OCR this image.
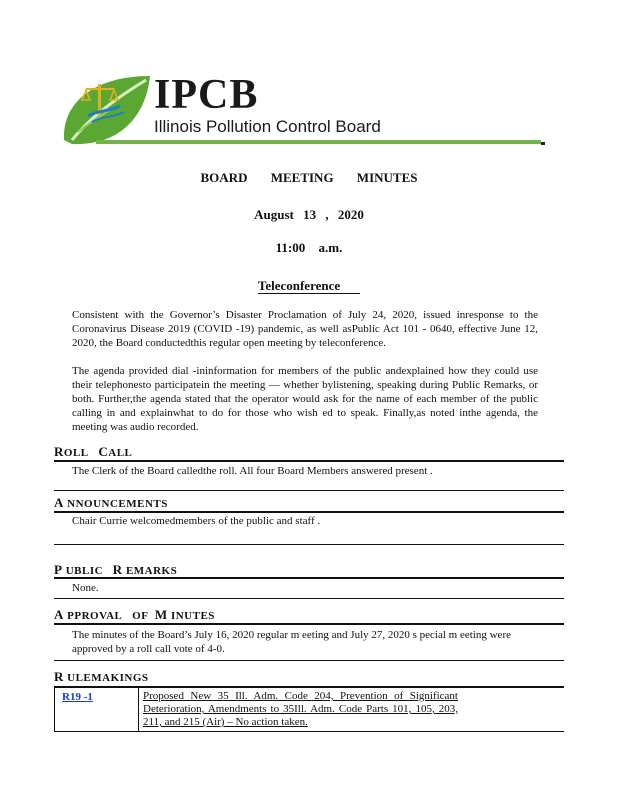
IPCB
Illinois Pollution Control Board
BOARD MEETING MINUTES
August 13 , 2020
11:00 a.m.
Teleconference
Consistent with the Governor’s Disaster Proclamation of July 24, 2020, issued inresponse to the Coronavirus Disease 2019 (COVID -19) pandemic, as well asPublic Act 101 - 0640, effective June 12, 2020, the Board conductedthis regular open meeting by teleconference.
The agenda provided dial -ininformation for members of the public andexplained how they could use their telephonesto participatein the meeting — whether bylistening, speaking during Public Remarks, or both. Further,the agenda stated that the operator would ask for the name of each member of the public calling in and explainwhat to do for those who wish ed to speak. Finally,as noted inthe agenda, the meeting was audio recorded.
ROLL CALL
The Clerk of the Board calledthe roll. All four Board Members answered present .
A NNOUNCEMENTS
Chair Currie welcomedmembers of the public and staff .
P UBLIC R EMARKS
None.
A PPROVAL OF M INUTES
The minutes of the Board’s July 16, 2020 regular m eeting and July 27, 2020 s pecial m eeting were approved by a roll call vote of 4-0.
R ULEMAKINGS
R19 -1	Proposed New 35 Ill. Adm. Code 204, Prevention of Significant Deterioration, Amendments to 35Ill. Adm. Code Parts 101, 105, 203, 211, and 215 (Air) – No action taken.
